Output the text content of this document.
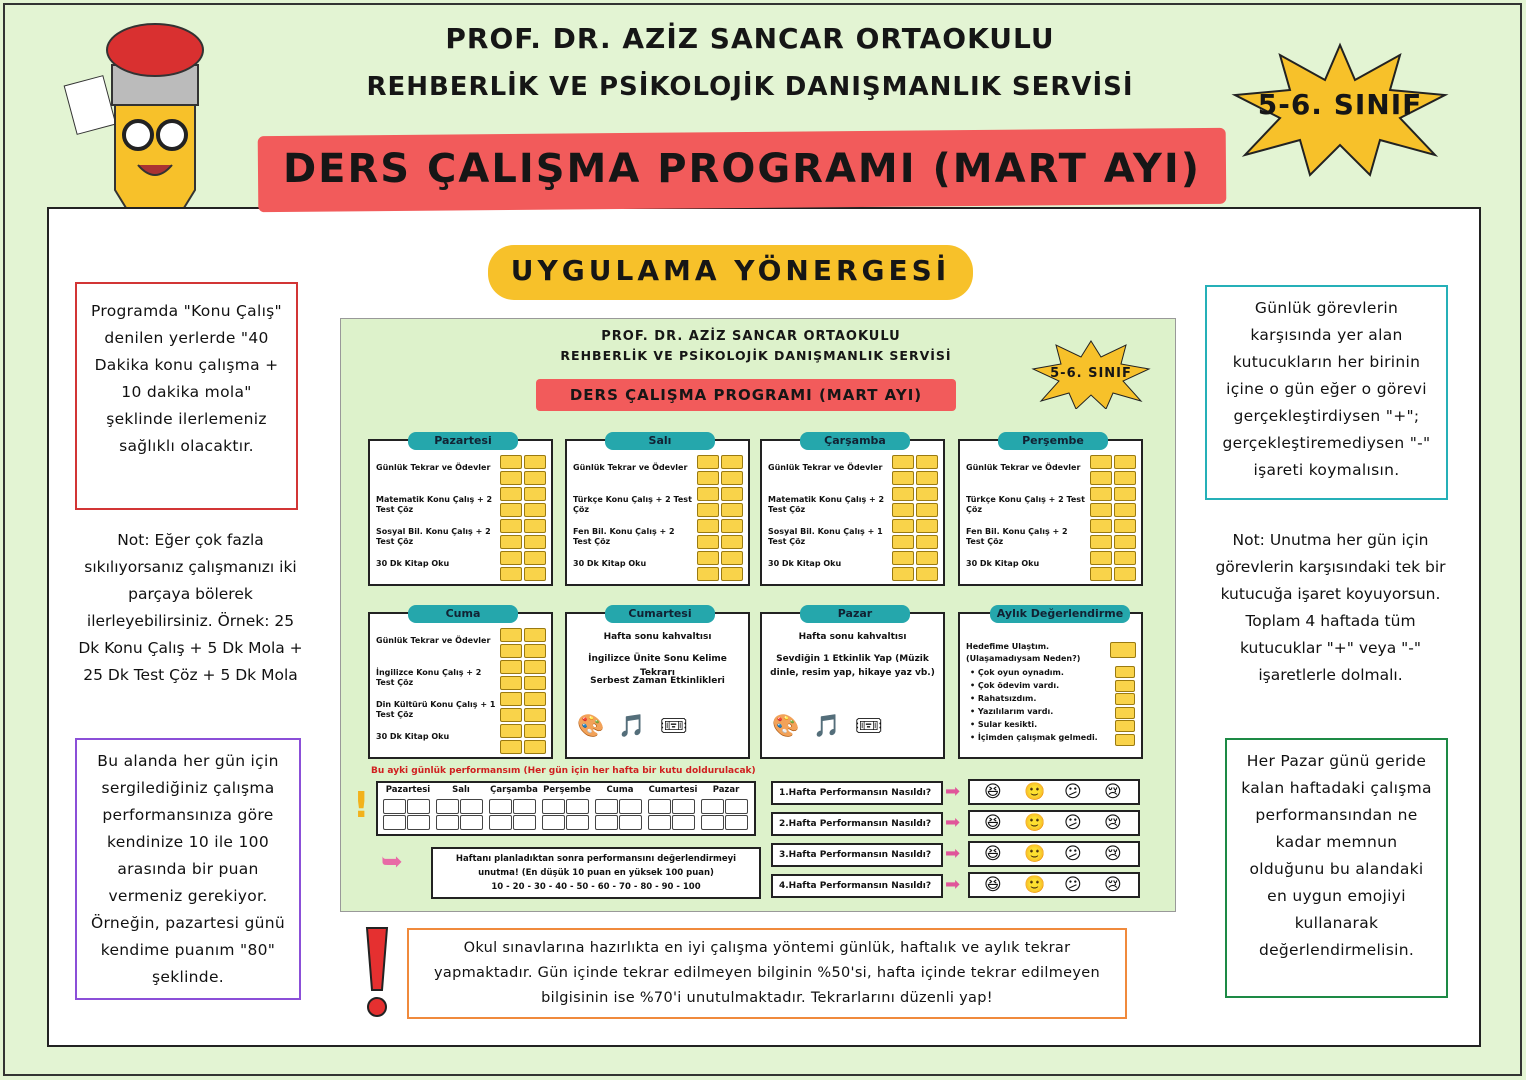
PROF. DR. AZİZ SANCAR ORTAOKULU
REHBERLİK VE PSİKOLOJİK DANIŞMANLIK SERVİSİ
5-6. SINIF
DERS ÇALIŞMA PROGRAMI (MART AYI)
UYGULAMA YÖNERGESİ
Programda "Konu Çalış" denilen yerlerde "40 Dakika konu çalışma + 10 dakika mola" şeklinde ilerlemeniz sağlıklı olacaktır.
Not: Eğer çok fazla sıkılıyorsanız çalışmanızı iki parçaya bölerek ilerleyebilirsiniz. Örnek: 25 Dk Konu Çalış + 5 Dk Mola + 25 Dk Test Çöz + 5 Dk Mola
Bu alanda her gün için sergilediğiniz çalışma performansınıza göre kendinize 10 ile 100 arasında bir puan vermeniz gerekiyor. Örneğin, pazartesi günü kendime puanım "80" şeklinde.
Günlük görevlerin karşısında yer alan kutucukların her birinin içine o gün eğer o görevi gerçekleştirdiysen "+"; gerçekleştiremediysen "-" işareti koymalısın.
Not: Unutma her gün için görevlerin karşısındaki tek bir kutucuğa işaret koyuyorsun. Toplam 4 haftada tüm kutucuklar "+" veya "-" işaretlerle dolmalı.
Her Pazar günü geride kalan haftadaki çalışma performansından ne kadar memnun olduğunu bu alandaki en uygun emojiyi kullanarak değerlendirmelisin.
Okul sınavlarına hazırlıkta en iyi çalışma yöntemi günlük, haftalık ve aylık tekrar yapmaktadır. Gün içinde tekrar edilmeyen bilginin %50'si, hafta içinde tekrar edilmeyen bilgisinin ise %70'i unutulmaktadır. Tekrarlarını düzenli yap!
PROF. DR. AZİZ SANCAR ORTAOKULU
REHBERLİK VE PSİKOLOJİK DANIŞMANLIK SERVİSİ
DERS ÇALIŞMA PROGRAMI (MART AYI)
5-6. SINIF
Pazartesi
Günlük Tekrar ve Ödevler
Matematik Konu Çalış + 2 Test Çöz
Sosyal Bil. Konu Çalış + 2 Test Çöz
30 Dk Kitap Oku
Salı
Günlük Tekrar ve Ödevler
Türkçe Konu Çalış + 2 Test Çöz
Fen Bil. Konu Çalış + 2 Test Çöz
30 Dk Kitap Oku
Çarşamba
Günlük Tekrar ve Ödevler
Matematik Konu Çalış + 2 Test Çöz
Sosyal Bil. Konu Çalış + 1 Test Çöz
30 Dk Kitap Oku
Perşembe
Günlük Tekrar ve Ödevler
Türkçe Konu Çalış + 2 Test Çöz
Fen Bil. Konu Çalış + 2 Test Çöz
30 Dk Kitap Oku
Cuma
Günlük Tekrar ve Ödevler
İngilizce Konu Çalış + 2 Test Çöz
Din Kültürü Konu Çalış + 1 Test Çöz
30 Dk Kitap Oku
Cumartesi
Hafta sonu kahvaltısı
İngilizce Ünite Sonu Kelime Tekrarı
Serbest Zaman Etkinlikleri
🎨🎵🎟
Pazar
Hafta sonu kahvaltısı
Sevdiğin 1 Etkinlik Yap (Müzik dinle, resim yap, hikaye yaz vb.)
🎨🎵🎟
Aylık Değerlendirme
Hedefime Ulaştım.
(Ulaşamadıysam Neden?)
• Çok oyun oynadım.
• Çok ödevim vardı.
• Rahatsızdım.
• Yazılılarım vardı.
• Sular kesikti.
• İçimden çalışmak gelmedi.
Bu ayki günlük performansım (Her gün için her hafta bir kutu doldurulacak)
Pazartesi	Salı	Çarşamba Perşembe	Cuma	Cumartesi	Pazar
Haftanı planladıktan sonra performansını değerlendirmeyi unutma! (En düşük 10 puan en yüksek 100 puan)
10 - 20 - 30 - 40 - 50 - 60 - 70 - 80 - 90 - 100
1.Hafta Performansın Nasıldı? ➡ 😆 🙂 😕 😢
2.Hafta Performansın Nasıldı? ➡ 😆 🙂 😕 😢
3.Hafta Performansın Nasıldı? ➡ 😆 🙂 😕 😢
4.Hafta Performansın Nasıldı? ➡ 😆 🙂 😕 😢
!
➥
